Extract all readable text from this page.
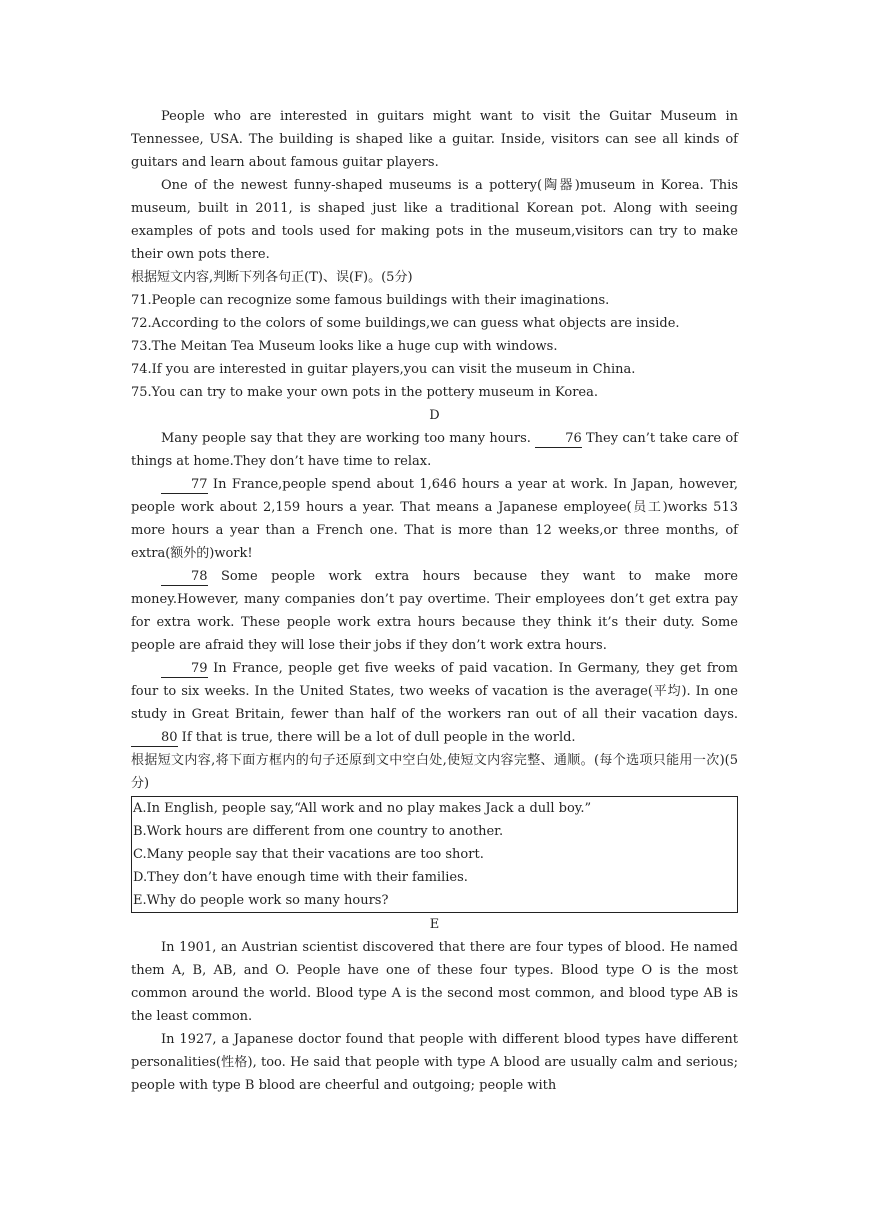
People who are interested in guitars might want to visit the Guitar Museum in Tennessee, USA. The building is shaped like a guitar. Inside, visitors can see all kinds of guitars and learn about famous guitar players.

One of the newest funny-shaped museums is a pottery(陶器)museum in Korea. This museum, built in 2011, is shaped just like a traditional Korean pot. Along with seeing examples of pots and tools used for making pots in the museum,visitors can try to make their own pots there.

根据短文内容,判断下列各句正(T)、误(F)。(5分)

71.People can recognize some famous buildings with their imaginations.

72.According to the colors of some buildings,we can guess what objects are inside.

73.The Meitan Tea Museum looks like a huge cup with windows.

74.If you are interested in guitar players,you can visit the museum in China.

75.You can try to make your own pots in the pottery museum in Korea.

D

Many people say that they are working too many hours. 76 They can’t take care of things at home.They don’t have time to relax.

77 In France,people spend about 1,646 hours a year at work. In Japan, however, people work about 2,159 hours a year. That means a Japanese employee(员工)works 513 more hours a year than a French one. That is more than 12 weeks,or three months, of extra(额外的)work!

78 Some people work extra hours because they want to make more money.However, many companies don’t pay overtime. Their employees don’t get extra pay for extra work. These people work extra hours because they think it’s their duty. Some people are afraid they will lose their jobs if they don’t work extra hours.

79 In France, people get five weeks of paid vacation. In Germany, they get from four to six weeks. In the United States, two weeks of vacation is the average(平均). In one study in Great Britain, fewer than half of the workers ran out of all their vacation days. 80 If that is true, there will be a lot of dull people in the world.

根据短文内容,将下面方框内的句子还原到文中空白处,使短文内容完整、通顺。(每个选项只能用一次)(5分)

A.In English, people say,“All work and no play makes Jack a dull boy.”

B.Work hours are different from one country to another.

C.Many people say that their vacations are too short.

D.They don’t have enough time with their families.

E.Why do people work so many hours?

E

In 1901, an Austrian scientist discovered that there are four types of blood. He named them A, B, AB, and O. People have one of these four types. Blood type O is the most common around the world. Blood type A is the second most common, and blood type AB is the least common.

In 1927, a Japanese doctor found that people with different blood types have different personalities(性格), too. He said that people with type A blood are usually calm and serious; people with type B blood are cheerful and outgoing; people with
